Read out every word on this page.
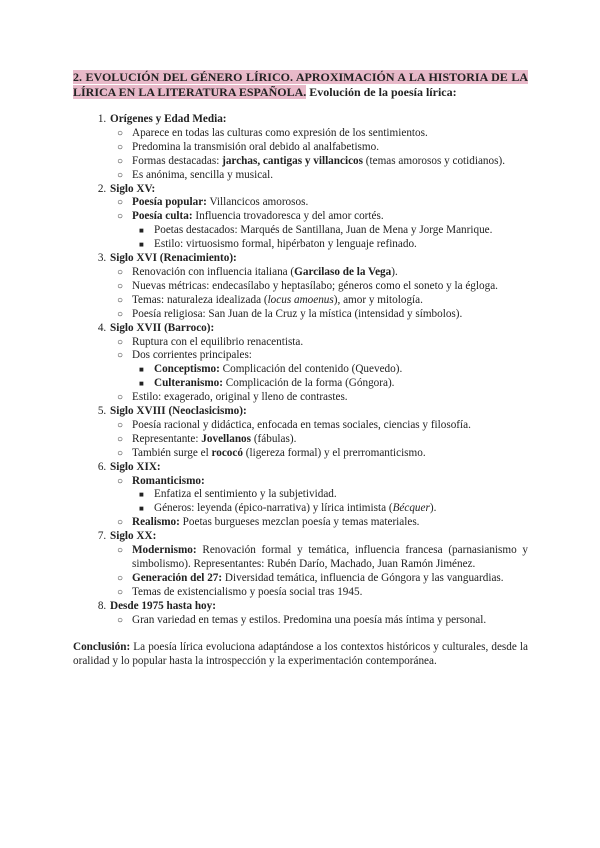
2. EVOLUCIÓN DEL GÉNERO LÍRICO. APROXIMACIÓN A LA HISTORIA DE LA LÍRICA EN LA LITERATURA ESPAÑOLA. Evolución de la poesía lírica:

1. Orígenes y Edad Media:
○ Aparece en todas las culturas como expresión de los sentimientos.
○ Predomina la transmisión oral debido al analfabetismo.
○ Formas destacadas: jarchas, cantigas y villancicos (temas amorosos y cotidianos).
○ Es anónima, sencilla y musical.
2. Siglo XV:
○ Poesía popular: Villancicos amorosos.
○ Poesía culta: Influencia trovadoresca y del amor cortés.
■ Poetas destacados: Marqués de Santillana, Juan de Mena y Jorge Manrique.
■ Estilo: virtuosismo formal, hipérbaton y lenguaje refinado.
3. Siglo XVI (Renacimiento):
○ Renovación con influencia italiana (Garcilaso de la Vega).
○ Nuevas métricas: endecasílabo y heptasílabo; géneros como el soneto y la égloga.
○ Temas: naturaleza idealizada (locus amoenus), amor y mitología.
○ Poesía religiosa: San Juan de la Cruz y la mística (intensidad y símbolos).
4. Siglo XVII (Barroco):
○ Ruptura con el equilibrio renacentista.
○ Dos corrientes principales:
■ Conceptismo: Complicación del contenido (Quevedo).
■ Culteranismo: Complicación de la forma (Góngora).
○ Estilo: exagerado, original y lleno de contrastes.
5. Siglo XVIII (Neoclasicismo):
○ Poesía racional y didáctica, enfocada en temas sociales, ciencias y filosofía.
○ Representante: Jovellanos (fábulas).
○ También surge el rococó (ligereza formal) y el prerromanticismo.
6. Siglo XIX:
○ Romanticismo:
■ Enfatiza el sentimiento y la subjetividad.
■ Géneros: leyenda (épico-narrativa) y lírica intimista (Bécquer).
○ Realismo: Poetas burgueses mezclan poesía y temas materiales.
7. Siglo XX:
○ Modernismo: Renovación formal y temática, influencia francesa (parnasianismo y simbolismo). Representantes: Rubén Darío, Machado, Juan Ramón Jiménez.
○ Generación del 27: Diversidad temática, influencia de Góngora y las vanguardias.
○ Temas de existencialismo y poesía social tras 1945.
8. Desde 1975 hasta hoy:
○ Gran variedad en temas y estilos. Predomina una poesía más íntima y personal.

Conclusión: La poesía lírica evoluciona adaptándose a los contextos históricos y culturales, desde la oralidad y lo popular hasta la introspección y la experimentación contemporánea.
